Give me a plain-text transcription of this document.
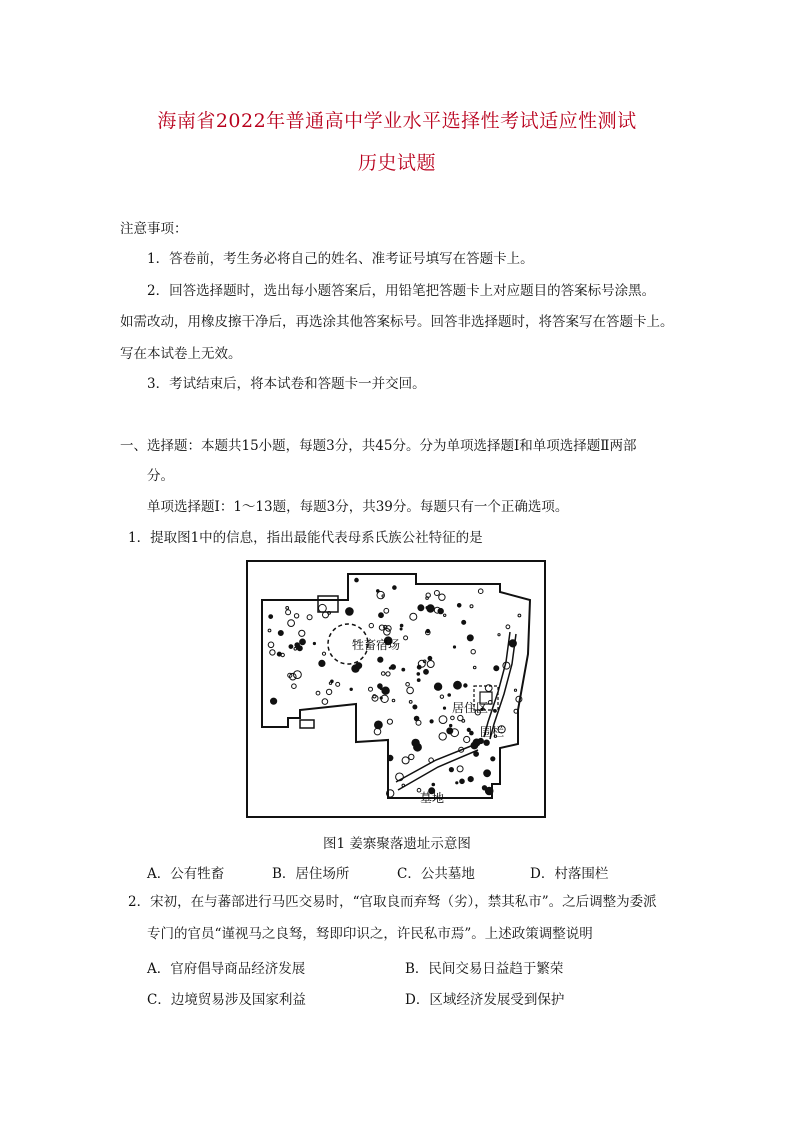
海南省2022年普通高中学业水平选择性考试适应性测试
历史试题
注意事项：
1．答卷前，考生务必将自己的姓名、准考证号填写在答题卡上。
2．回答选择题时，选出每小题答案后，用铅笔把答题卡上对应题目的答案标号涂黑。
如需改动，用橡皮擦干净后，再选涂其他答案标号。回答非选择题时，将答案写在答题卡上。
写在本试卷上无效。
3．考试结束后，将本试卷和答题卡一并交回。
一、选择题：本题共15小题，每题3分，共45分。分为单项选择题Ⅰ和单项选择题Ⅱ两部
分。
单项选择题Ⅰ：1～13题，每题3分，共39分。每题只有一个正确选项。
1．提取图1中的信息，指出最能代表母系氏族公社特征的是
牲畜宿场
居住区
围栏
墓地
图1 姜寨聚落遗址示意图
A．公有牲畜	B．居住场所	C．公共墓地	D．村落围栏
2．宋初，在与蕃部进行马匹交易时，“官取良而弃驽（劣），禁其私市”。之后调整为委派
专门的官员“谨视马之良驽，驽即印识之，许民私市焉”。上述政策调整说明
A．官府倡导商品经济发展	B．民间交易日益趋于繁荣
C．边境贸易涉及国家利益	D．区域经济发展受到保护
